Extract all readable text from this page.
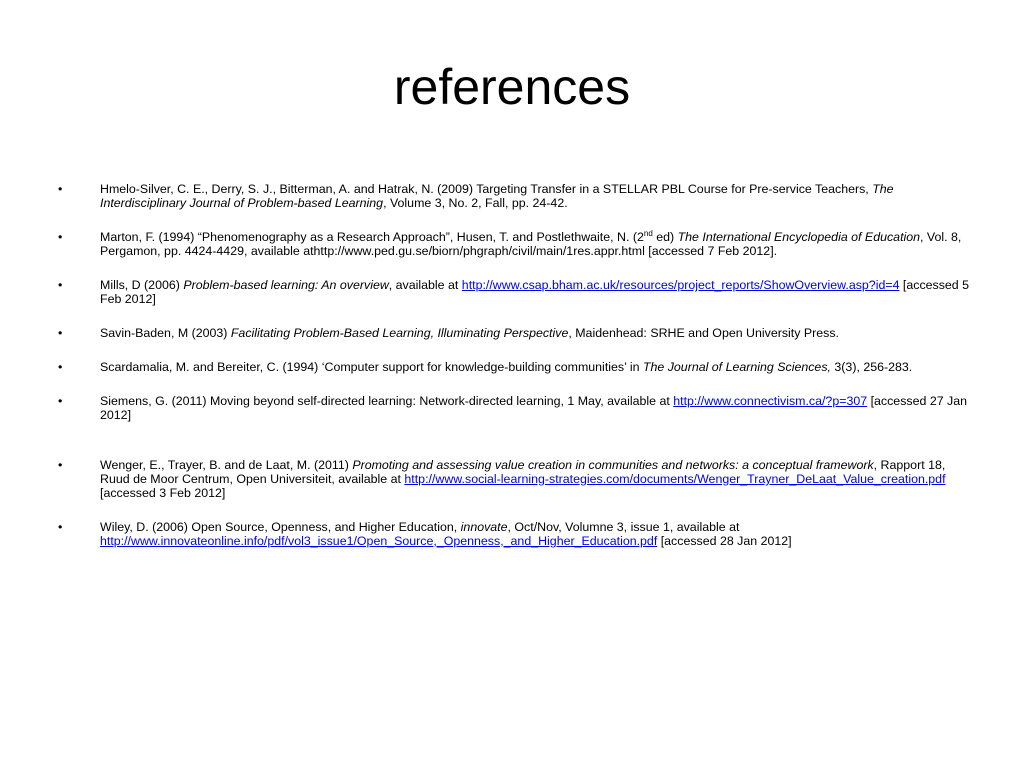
references
•	Hmelo-Silver, C. E., Derry, S. J., Bitterman, A. and Hatrak, N. (2009) Targeting Transfer in a STELLAR PBL Course for Pre-service Teachers, The Interdisciplinary Journal of Problem-based Learning, Volume 3, No. 2, Fall, pp. 24-42.
•	Marton, F. (1994) “Phenomenography as a Research Approach”, Husen, T. and Postlethwaite, N. (2nd ed) The International Encyclopedia of Education, Vol. 8, Pergamon, pp. 4424-4429, available athttp://www.ped.gu.se/biorn/phgraph/civil/main/1res.appr.html [accessed 7 Feb 2012].
•	Mills, D (2006) Problem-based learning: An overview, available at http://www.csap.bham.ac.uk/resources/project_reports/ShowOverview.asp?id=4 [accessed 5 Feb 2012]
•	Savin-Baden, M (2003) Facilitating Problem-Based Learning, Illuminating Perspective, Maidenhead: SRHE and Open University Press.
•	Scardamalia, M. and Bereiter, C. (1994) ‘Computer support for knowledge-building communities’ in The Journal of Learning Sciences, 3(3), 256-283.
•	Siemens, G. (2011) Moving beyond self-directed learning: Network-directed learning, 1 May, available at http://www.connectivism.ca/?p=307 [accessed 27 Jan 2012]
•	Wenger, E., Trayer, B. and de Laat, M. (2011) Promoting and assessing value creation in communities and networks: a conceptual framework, Rapport 18, Ruud de Moor Centrum, Open Universiteit, available at http://www.social-learning-strategies.com/documents/Wenger_Trayner_DeLaat_Value_creation.pdf [accessed 3 Feb 2012]
•	Wiley, D. (2006) Open Source, Openness, and Higher Education, innovate, Oct/Nov, Volumne 3, issue 1, available at http://www.innovateonline.info/pdf/vol3_issue1/Open_Source,_Openness,_and_Higher_Education.pdf [accessed 28 Jan 2012]
